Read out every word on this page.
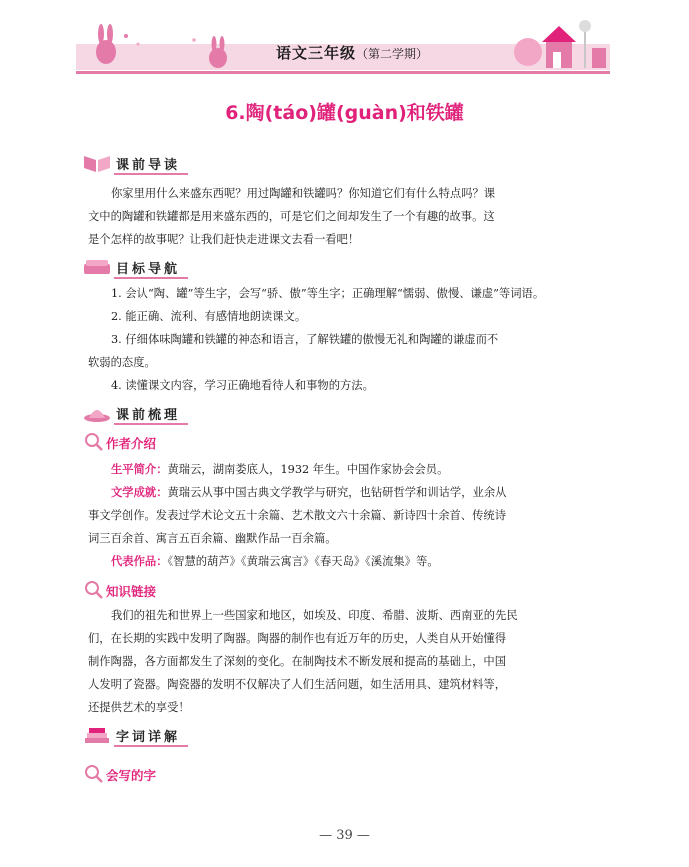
语文三年级（第二学期）
6.陶(táo)罐(guàn)和铁罐
课前导读
你家里用什么来盛东西呢？用过陶罐和铁罐吗？你知道它们有什么特点吗？课
文中的陶罐和铁罐都是用来盛东西的，可是它们之间却发生了一个有趣的故事。这
是个怎样的故事呢？让我们赶快走进课文去看一看吧！
目标导航
1. 会认“陶、罐”等生字，会写“骄、傲”等生字；正确理解“懦弱、傲慢、谦虚”等词语。
2. 能正确、流利、有感情地朗读课文。
3. 仔细体味陶罐和铁罐的神态和语言，了解铁罐的傲慢无礼和陶罐的谦虚而不
软弱的态度。
4. 读懂课文内容，学习正确地看待人和事物的方法。
课前梳理
作者介绍
生平简介：黄瑞云，湖南娄底人，1932 年生。中国作家协会会员。
文学成就：黄瑞云从事中国古典文学教学与研究，也钻研哲学和训诂学，业余从
事文学创作。发表过学术论文五十余篇、艺术散文六十余篇、新诗四十余首、传统诗
词三百余首、寓言五百余篇、幽默作品一百余篇。
代表作品：《智慧的葫芦》《黄瑞云寓言》《春天岛》《溪流集》等。
知识链接
我们的祖先和世界上一些国家和地区，如埃及、印度、希腊、波斯、西南亚的先民
们，在长期的实践中发明了陶器。陶器的制作也有近万年的历史，人类自从开始懂得
制作陶器，各方面都发生了深刻的变化。在制陶技术不断发展和提高的基础上，中国
人发明了瓷器。陶瓷器的发明不仅解决了人们生活问题，如生活用具、建筑材料等，
还提供艺术的享受！
字词详解
会写的字
— 39 —
